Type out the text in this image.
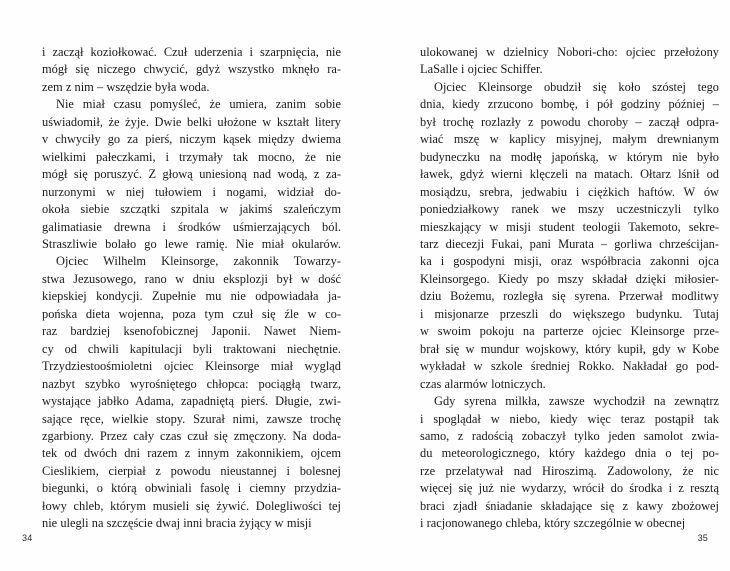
i zaczął koziołkować. Czuł uderzenia i szarpnięcia, nie
mógł się niczego chwycić, gdyż wszystko mknęło ra-
zem z nim – wszędzie była woda.
Nie miał czasu pomyśleć, że umiera, zanim sobie
uświadomił, że żyje. Dwie belki ułożone w kształt litery
v chwyciły go za pierś, niczym kąsek między dwiema
wielkimi pałeczkami, i trzymały tak mocno, że nie
mógł się poruszyć. Z głową uniesioną nad wodą, z za-
nurzonymi w niej tułowiem i nogami, widział do-
okoła siebie szczątki szpitala w jakimś szaleńczym
galimatiasie drewna i środków uśmierzających ból.
Straszliwie bolało go lewe ramię. Nie miał okularów.
Ojciec Wilhelm Kleinsorge, zakonnik Towarzy-
stwa Jezusowego, rano w dniu eksplozji był w dość
kiepskiej kondycji. Zupełnie mu nie odpowiadała ja-
pońska dieta wojenna, poza tym czuł się źle w co-
raz bardziej ksenofobicznej Japonii. Nawet Niem-
cy od chwili kapitulacji byli traktowani niechętnie.
Trzydziestoośmioletni ojciec Kleinsorge miał wygląd
nazbyt szybko wyrośniętego chłopca: pociągłą twarz,
wystające jabłko Adama, zapadniętą pierś. Długie, zwi-
sające ręce, wielkie stopy. Szurał nimi, zawsze trochę
zgarbiony. Przez cały czas czuł się zmęczony. Na doda-
tek od dwóch dni razem z innym zakonnikiem, ojcem
Cieslikiem, cierpiał z powodu nieustannej i bolesnej
biegunki, o którą obwiniali fasolę i ciemny przydzia-
łowy chleb, którym musieli się żywić. Dolegliwości tej
nie ulegli na szczęście dwaj inni bracia żyjący w misji
34
ulokowanej w dzielnicy Nobori-cho: ojciec przełożony
LaSalle i ojciec Schiffer.
Ojciec Kleinsorge obudził się koło szóstej tego
dnia, kiedy zrzucono bombę, i pół godziny później –
był trochę rozlazły z powodu choroby – zaczął odpra-
wiać mszę w kaplicy misyjnej, małym drewnianym
budyneczku na modłę japońską, w którym nie było
ławek, gdyż wierni klęczeli na matach. Ołtarz lśnił od
mosiądzu, srebra, jedwabiu i ciężkich haftów. W ów
poniedziałkowy ranek we mszy uczestniczyli tylko
mieszkający w misji student teologii Takemoto, sekre-
tarz diecezji Fukai, pani Murata – gorliwa chrześcijan-
ka i gospodyni misji, oraz współbracia zakonni ojca
Kleinsorgego. Kiedy po mszy składał dzięki miłosier-
dziu Bożemu, rozległa się syrena. Przerwał modlitwy
i misjonarze przeszli do większego budynku. Tutaj
w swoim pokoju na parterze ojciec Kleinsorge prze-
brał się w mundur wojskowy, który kupił, gdy w Kobe
wykładał w szkole średniej Rokko. Nakładał go pod-
czas alarmów lotniczych.
Gdy syrena milkła, zawsze wychodził na zewnątrz
i spoglądał w niebo, kiedy więc teraz postąpił tak
samo, z radością zobaczył tylko jeden samolot zwia-
du meteorologicznego, który każdego dnia o tej po-
rze przelatywał nad Hiroszimą. Zadowolony, że nic
więcej się już nie wydarzy, wrócił do środka i z resztą
braci zjadł śniadanie składające się z kawy zbożowej
i racjonowanego chleba, który szczególnie w obecnej
35
